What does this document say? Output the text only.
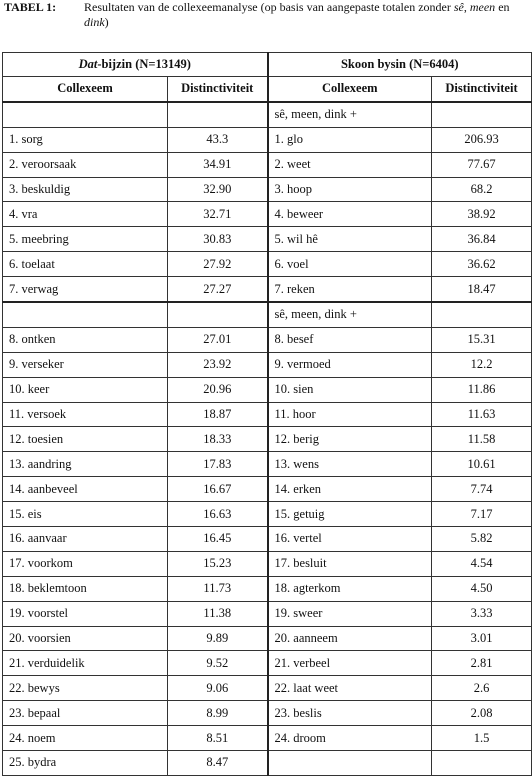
TABEL 1: Resultaten van de collexeemanalyse (op basis van aangepaste totalen zonder sê, meen en dink)
Dat-bijzin (N=13149)		Skoon bysin (N=6404)	
Collexeem	Distinctiviteit	Collexeem	Distinctiviteit
		sê, meen, dink +	
1. sorg	43.3	1. glo	206.93
2. veroorsaak	34.91	2. weet	77.67
3. beskuldig	32.90	3. hoop	68.2
4. vra	32.71	4. beweer	38.92
5. meebring	30.83	5. wil hê	36.84
6. toelaat	27.92	6. voel	36.62
7. verwag	27.27	7. reken	18.47
		sê, meen, dink +	
8. ontken	27.01	8. besef	15.31
9. verseker	23.92	9. vermoed	12.2
10. keer	20.96	10. sien	11.86
11. versoek	18.87	11. hoor	11.63
12. toesien	18.33	12. berig	11.58
13. aandring	17.83	13. wens	10.61
14. aanbeveel	16.67	14. erken	7.74
15. eis	16.63	15. getuig	7.17
16. aanvaar	16.45	16. vertel	5.82
17. voorkom	15.23	17. besluit	4.54
18. beklemtoon	11.73	18. agterkom	4.50
19. voorstel	11.38	19. sweer	3.33
20. voorsien	9.89	20. aanneem	3.01
21. verduidelik	9.52	21. verbeel	2.81
22. bewys	9.06	22. laat weet	2.6
23. bepaal	8.99	23. beslis	2.08
24. noem	8.51	24. droom	1.5
25. bydra	8.47		
